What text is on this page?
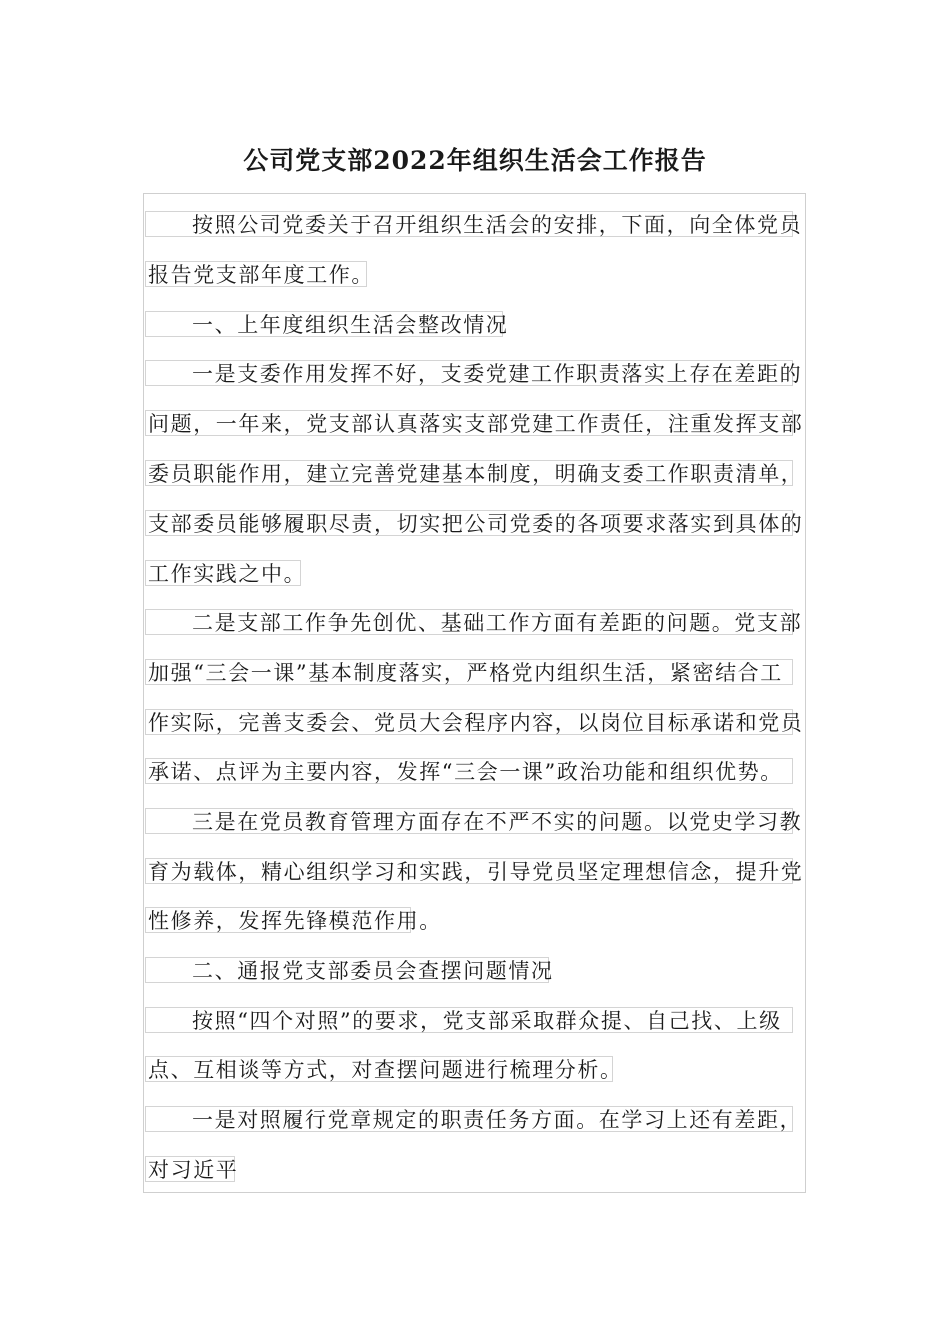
公司党支部2022年组织生活会工作报告
按照公司党委关于召开组织生活会的安排，下面，向全体党员
报告党支部年度工作。
一、上年度组织生活会整改情况
一是支委作用发挥不好，支委党建工作职责落实上存在差距的
问题，一年来，党支部认真落实支部党建工作责任，注重发挥支部
委员职能作用，建立完善党建基本制度，明确支委工作职责清单，
支部委员能够履职尽责，切实把公司党委的各项要求落实到具体的
工作实践之中。
二是支部工作争先创优、基础工作方面有差距的问题。党支部
加强“三会一课”基本制度落实，严格党内组织生活，紧密结合工
作实际，完善支委会、党员大会程序内容，以岗位目标承诺和党员
承诺、点评为主要内容，发挥“三会一课”政治功能和组织优势。
三是在党员教育管理方面存在不严不实的问题。以党史学习教
育为载体，精心组织学习和实践，引导党员坚定理想信念，提升党
性修养，发挥先锋模范作用。
二、通报党支部委员会查摆问题情况
按照“四个对照”的要求，党支部采取群众提、自己找、上级
点、互相谈等方式，对查摆问题进行梳理分析。
一是对照履行党章规定的职责任务方面。在学习上还有差距，
对习近平
